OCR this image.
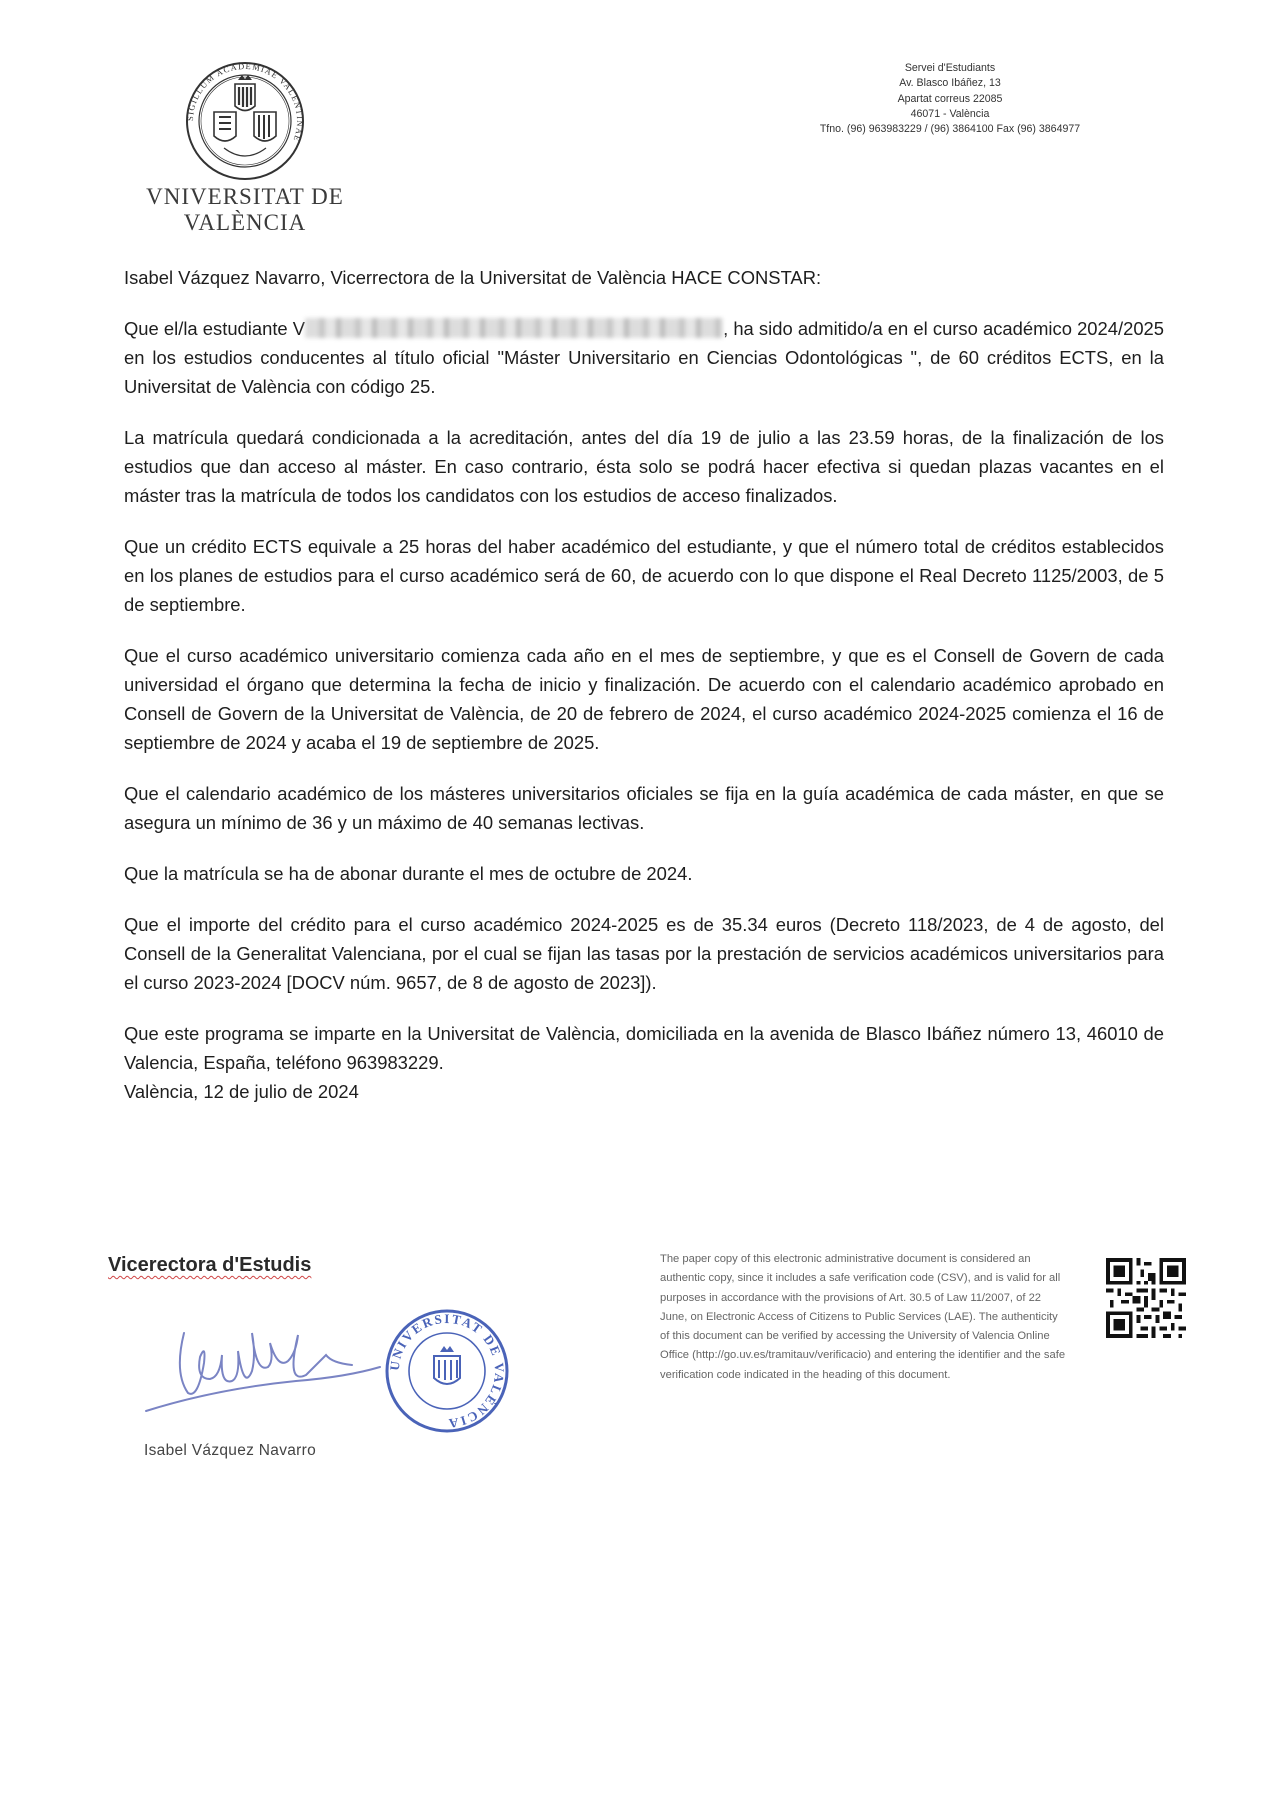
SIGILLUM ACADEMIAE VALENTINAE
VNIVERSITAT DE VALÈNCIA
Servei d'Estudiants
Av. Blasco Ibáñez, 13
Apartat correus 22085
46071 - València
Tfno. (96) 963983229 / (96) 3864100 Fax (96) 3864977

Isabel Vázquez Navarro, Vicerrectora de la Universitat de València HACE CONSTAR:

Que el/la estudiante V	, ha sido admitido/a en el curso académico 2024/2025 en los estudios conducentes al título oficial "Máster Universitario en Ciencias Odontológicas ", de 60 créditos ECTS, en la Universitat de València con código 25.

La matrícula quedará condicionada a la acreditación, antes del día 19 de julio a las 23.59 horas, de la finalización de los estudios que dan acceso al máster. En caso contrario, ésta solo se podrá hacer efectiva si quedan plazas vacantes en el máster tras la matrícula de todos los candidatos con los estudios de acceso finalizados.

Que un crédito ECTS equivale a 25 horas del haber académico del estudiante, y que el número total de créditos establecidos en los planes de estudios para el curso académico será de 60, de acuerdo con lo que dispone el Real Decreto 1125/2003, de 5 de septiembre.

Que el curso académico universitario comienza cada año en el mes de septiembre, y que es el Consell de Govern de cada universidad el órgano que determina la fecha de inicio y finalización. De acuerdo con el calendario académico aprobado en Consell de Govern de la Universitat de València, de 20 de febrero de 2024, el curso académico 2024-2025 comienza el 16 de septiembre de 2024 y acaba el 19 de septiembre de 2025.

Que el calendario académico de los másteres universitarios oficiales se fija en la guía académica de cada máster, en que se asegura un mínimo de 36 y un máximo de 40 semanas lectivas.

Que la matrícula se ha de abonar durante el mes de octubre de 2024.

Que el importe del crédito para el curso académico 2024-2025 es de 35.34 euros (Decreto 118/2023, de 4 de agosto, del Consell de la Generalitat Valenciana, por el cual se fijan las tasas por la prestación de servicios académicos universitarios para el curso 2023-2024 [DOCV núm. 9657, de 8 de agosto de 2023]).

Que este programa se imparte en la Universitat de València, domiciliada en la avenida de Blasco Ibáñez número 13, 46010 de Valencia, España, teléfono 963983229.

València, 12 de julio de 2024

Vicerectora d'Estudis
UNIVERSITAT DE VALÈNCIA
Isabel Vázquez Navarro
The paper copy of this electronic administrative document is considered an authentic copy, since it includes a safe verification code (CSV), and is valid for all purposes in accordance with the provisions of Art. 30.5 of Law 11/2007, of 22 June, on Electronic Access of Citizens to Public Services (LAE). The authenticity of this document can be verified by accessing the University of Valencia Online Office (http://go.uv.es/tramitauv/verificacio) and entering the identifier and the safe verification code indicated in the heading of this document.
